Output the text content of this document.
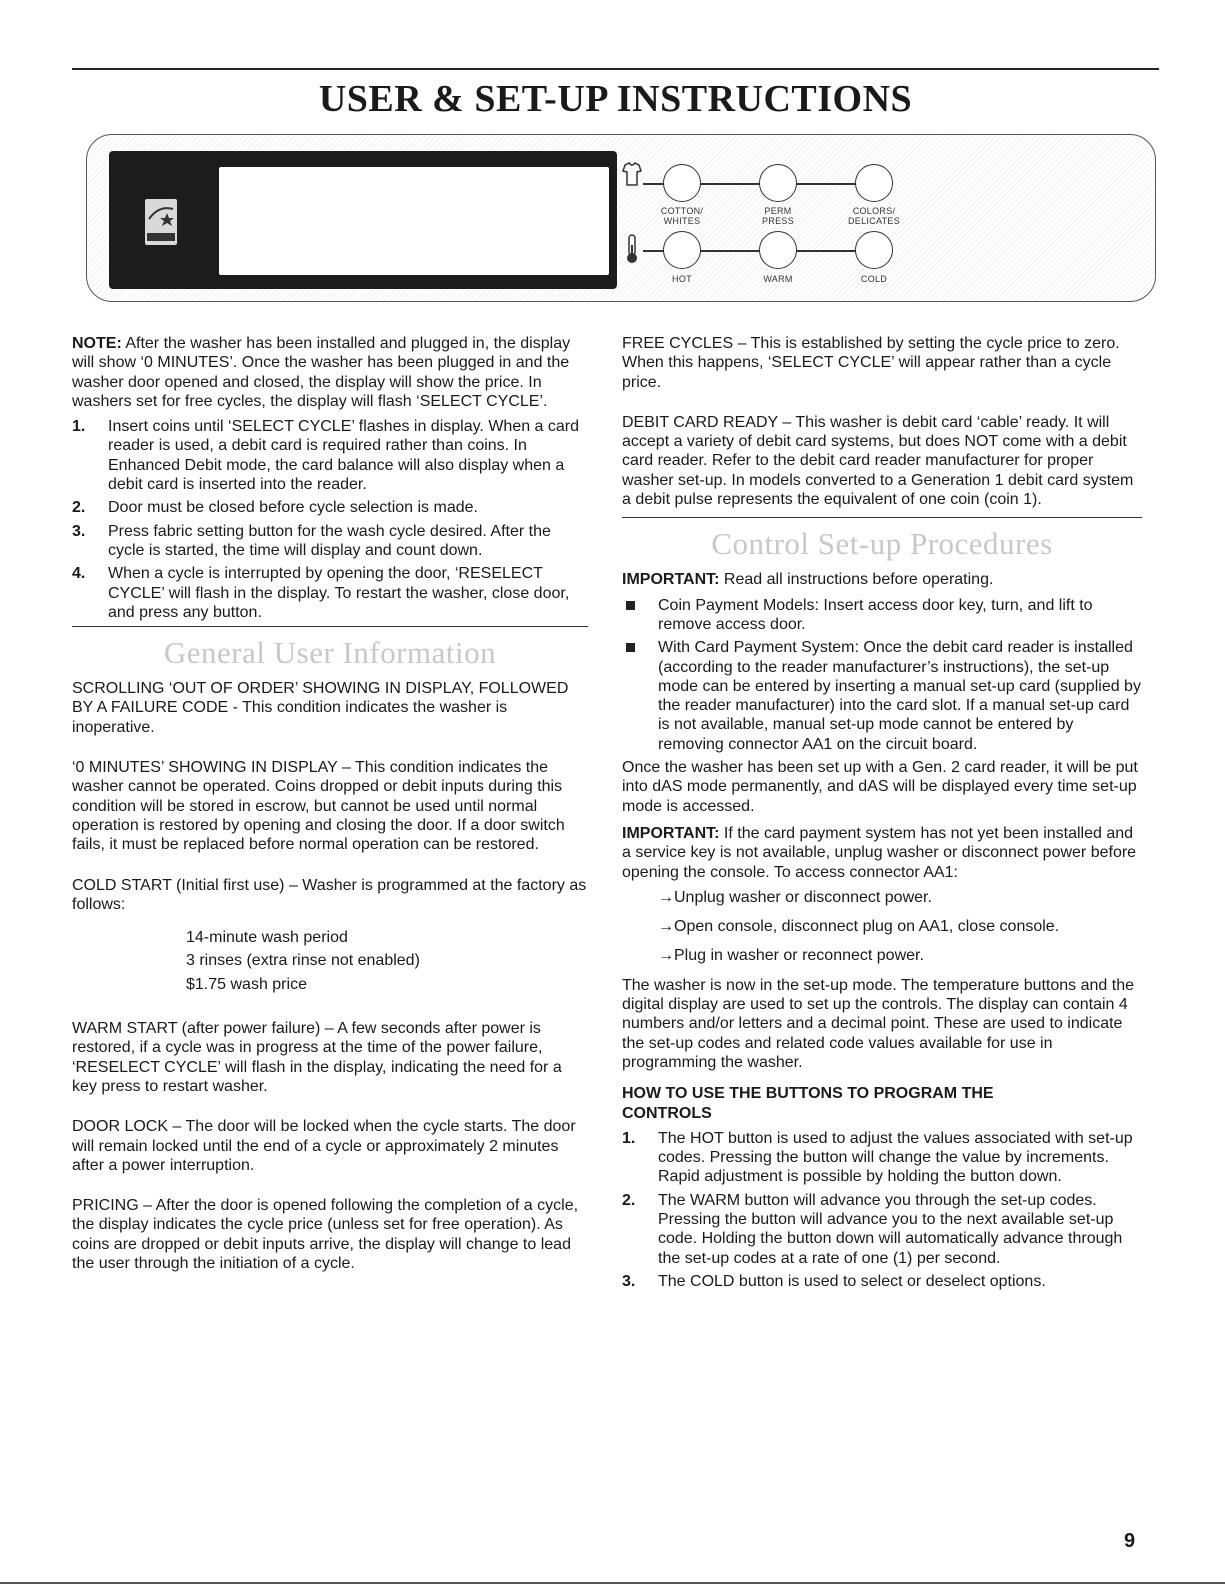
USER & SET-UP INSTRUCTIONS
COTTON/
WHITES
PERM
PRESS
COLORS/
DELICATES
HOT	WARM	COLD

NOTE: After the washer has been installed and plugged in, the display will show ‘0 MINUTES’. Once the washer has been plugged in and the washer door opened and closed, the display will show the price. In washers set for free cycles, the display will flash ‘SELECT CYCLE’.

1. Insert coins until ‘SELECT CYCLE’ flashes in display. When a card reader is used, a debit card is required rather than coins. In Enhanced Debit mode, the card balance will also display when a debit card is inserted into the reader.
2. Door must be closed before cycle selection is made.
3. Press fabric setting button for the wash cycle desired. After the cycle is started, the time will display and count down.
4. When a cycle is interrupted by opening the door, ‘RESELECT CYCLE’ will flash in the display. To restart the washer, close door, and press any button.
General User Information

SCROLLING ‘OUT OF ORDER’ SHOWING IN DISPLAY, FOLLOWED BY A FAILURE CODE - This condition indicates the washer is inoperative.

‘0 MINUTES’ SHOWING IN DISPLAY – This condition indicates the washer cannot be operated. Coins dropped or debit inputs during this condition will be stored in escrow, but cannot be used until normal operation is restored by opening and closing the door. If a door switch fails, it must be replaced before normal operation can be restored.

COLD START (Initial first use) – Washer is programmed at the factory as follows:

14-minute wash period

3 rinses (extra rinse not enabled)

$1.75 wash price

WARM START (after power failure) – A few seconds after power is restored, if a cycle was in progress at the time of the power failure, ‘RESELECT CYCLE’ will flash in the display, indicating the need for a key press to restart washer.

DOOR LOCK – The door will be locked when the cycle starts. The door will remain locked until the end of a cycle or approximately 2 minutes after a power interruption.

PRICING – After the door is opened following the completion of a cycle, the display indicates the cycle price (unless set for free operation). As coins are dropped or debit inputs arrive, the display will change to lead the user through the initiation of a cycle.

FREE CYCLES – This is established by setting the cycle price to zero. When this happens, ‘SELECT CYCLE’ will appear rather than a cycle price.

DEBIT CARD READY – This washer is debit card ‘cable’ ready. It will accept a variety of debit card systems, but does NOT come with a debit card reader. Refer to the debit card reader manufacturer for proper washer set-up. In models converted to a Generation 1 debit card system a debit pulse represents the equivalent of one coin (coin 1).

Control Set-up Procedures

IMPORTANT: Read all instructions before operating.

Coin Payment Models: Insert access door key, turn, and lift to remove access door.
With Card Payment System: Once the debit card reader is installed (according to the reader manufacturer’s instructions), the set-up mode can be entered by inserting a manual set-up card (supplied by the reader manufacturer) into the card slot. If a manual set-up card is not available, manual set-up mode cannot be entered by removing connector AA1 on the circuit board.

Once the washer has been set up with a Gen. 2 card reader, it will be put into dAS mode permanently, and dAS will be displayed every time set-up mode is accessed.

IMPORTANT: If the card payment system has not yet been installed and a service key is not available, unplug washer or disconnect power before opening the console. To access connector AA1:

→Unplug washer or disconnect power.

→Open console, disconnect plug on AA1, close console.

→Plug in washer or reconnect power.

The washer is now in the set-up mode. The temperature buttons and the digital display are used to set up the controls. The display can contain 4 numbers and/or letters and a decimal point. These are used to indicate the set-up codes and related code values available for use in programming the washer.

HOW TO USE THE BUTTONS TO PROGRAM THE CONTROLS

1. The HOT button is used to adjust the values associated with set-up codes. Pressing the button will change the value by increments. Rapid adjustment is possible by holding the button down.
2. The WARM button will advance you through the set-up codes. Pressing the button will advance you to the next available set-up code. Holding the button down will automatically advance through the set-up codes at a rate of one (1) per second.
3. The COLD button is used to select or deselect options.
9
